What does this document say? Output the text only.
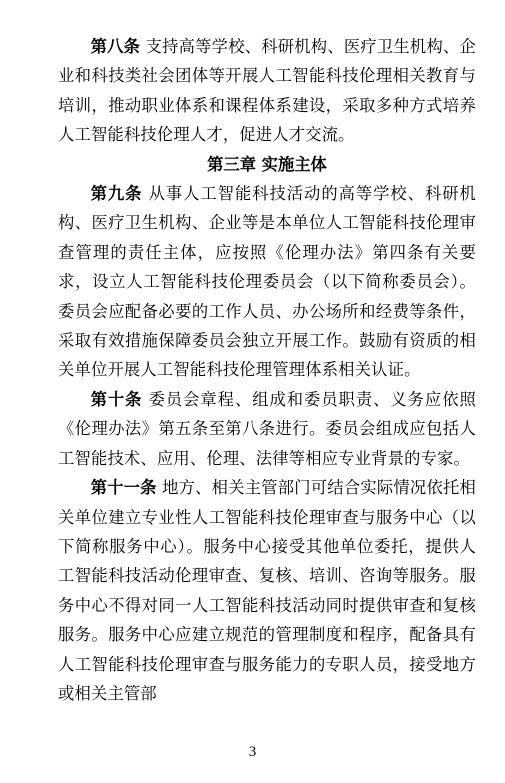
第八条 支持高等学校、科研机构、医疗卫生机构、企业和科技类社会团体等开展人工智能科技伦理相关教育与培训，推动职业体系和课程体系建设，采取多种方式培养人工智能科技伦理人才，促进人才交流。

第三章 实施主体

第九条 从事人工智能科技活动的高等学校、科研机构、医疗卫生机构、企业等是本单位人工智能科技伦理审查管理的责任主体，应按照《伦理办法》第四条有关要求，设立人工智能科技伦理委员会（以下简称委员会）。委员会应配备必要的工作人员、办公场所和经费等条件，采取有效措施保障委员会独立开展工作。鼓励有资质的相关单位开展人工智能科技伦理管理体系相关认证。

第十条 委员会章程、组成和委员职责、义务应依照《伦理办法》第五条至第八条进行。委员会组成应包括人工智能技术、应用、伦理、法律等相应专业背景的专家。

第十一条 地方、相关主管部门可结合实际情况依托相关单位建立专业性人工智能科技伦理审查与服务中心（以下简称服务中心）。服务中心接受其他单位委托，提供人工智能科技活动伦理审查、复核、培训、咨询等服务。服务中心不得对同一人工智能科技活动同时提供审查和复核服务。服务中心应建立规范的管理制度和程序，配备具有人工智能科技伦理审查与服务能力的专职人员，接受地方或相关主管部

3
